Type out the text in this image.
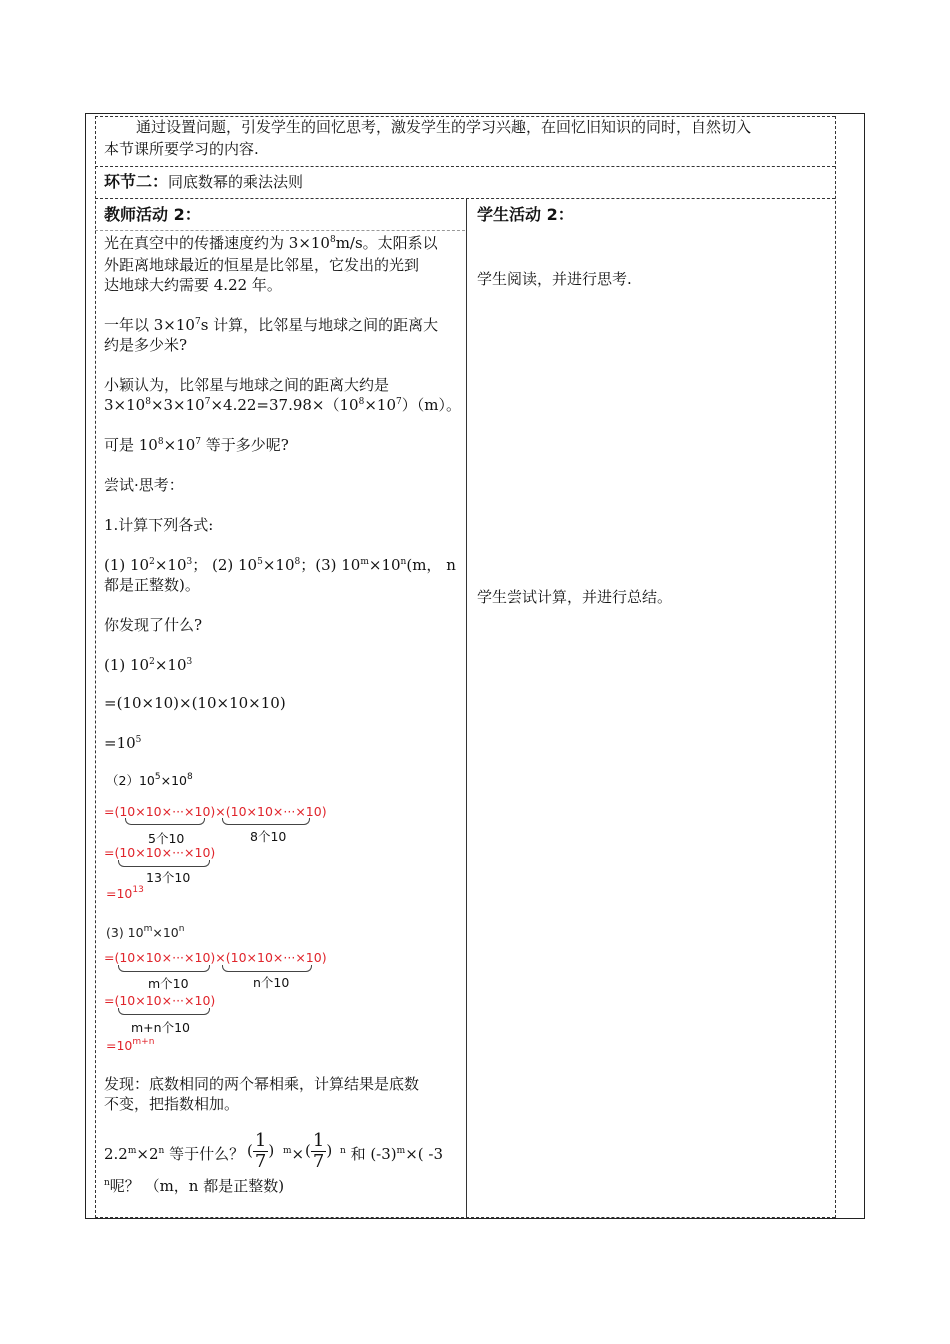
通过设置问题，引发学生的回忆思考，激发学生的学习兴趣，在回忆旧知识的同时，自然切入
本节课所要学习的内容.
环节二：同底数幂的乘法法则
教师活动 2：	学生活动 2：
光在真空中的传播速度约为 $3\times 10^8m/s$。太阳系以
外距离地球最近的恒星是比邻星，它发出的光到
达地球大约需要 4.22 年。
一年以 $3\times 10^7s$ 计算，比邻星与地球之间的距离大
约是多少米?
小颖认为，比邻星与地球之间的距离大约是
$3\times 10^8\times 3\times 10^7\times 4.22=37.98\times(10^8\times 10^7)(m)$。
可是 $10^8\times 10^7$ 等于多少呢?
尝试·思考：
1.计算下列各式:
(1) $10^2\times 10^3$； (2) $10^5\times 10^8$；(3) $10^m\times 10^n(m$， n
都是正整数)。
你发现了什么?
(1) $10^2\times 10^3$
=(10×10)×(10×10×10)
$=10^5$
$(2)10^5\times 10^8$
=(10×10×···×10)×(10×10×···×10)
5个10	8个10
=(10×10×···×10)
13个10
$=10^{13}$
(3) $10^m\times 10^n$
=(10×10×···×10)×(10×10×···×10)
m个10	n个10
=(10×10×···×10)
m+n个10
$=10^{m+n}$
发现：底数相同的两个幂相乘，计算结果是底数
不变，把指数相加。
$2.2^m\times 2^n$ 等于什么？ ( $\frac{1}{7}$ ) $^m$× ( $\frac{1}{7}$ ) $^n$ 和 $(-3)^m\times$( -3
$^n$呢？ （m，n 都是正整数)
学生阅读，并进行思考.
学生尝试计算，并进行总结。
